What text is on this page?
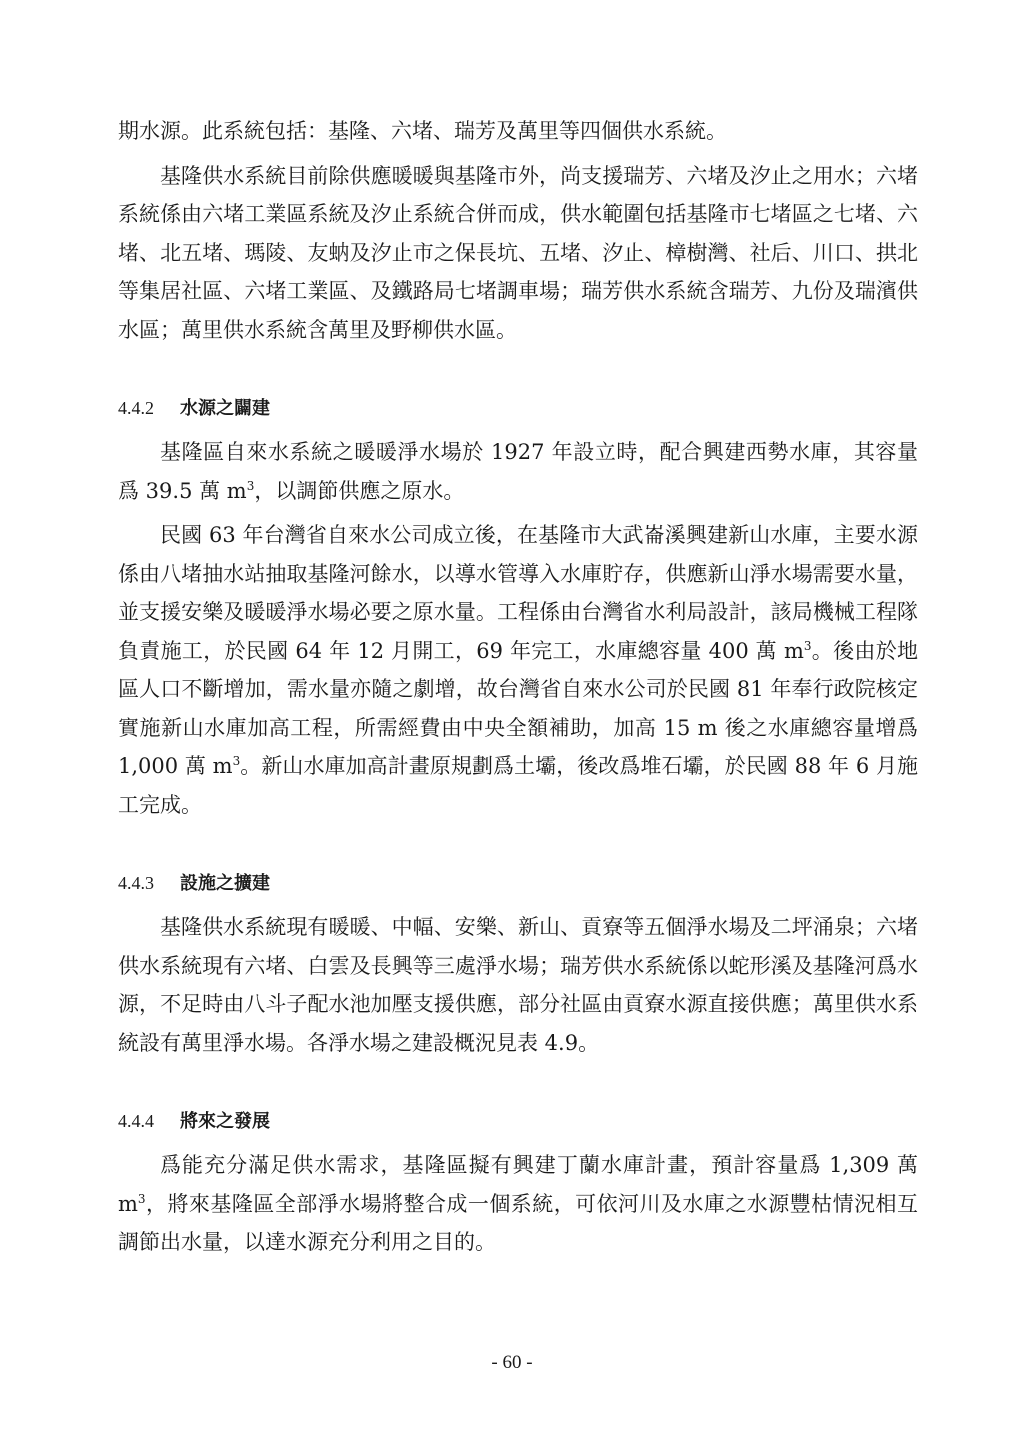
期水源。此系統包括：基隆、六堵、瑞芳及萬里等四個供水系統。

基隆供水系統目前除供應暖暖與基隆市外，尚支援瑞芳、六堵及汐止之用水；六堵系統係由六堵工業區系統及汐止系統合併而成，供水範圍包括基隆市七堵區之七堵、六堵、北五堵、瑪陵、友蚋及汐止市之保長坑、五堵、汐止、樟樹灣、社后、川口、拱北等集居社區、六堵工業區、及鐵路局七堵調車場；瑞芳供水系統含瑞芳、九份及瑞濱供水區；萬里供水系統含萬里及野柳供水區。

4.4.2 水源之闢建

基隆區自來水系統之暖暖淨水場於 1927 年設立時，配合興建西勢水庫，其容量爲 39.5 萬 $m^3$，以調節供應之原水。

民國 63 年台灣省自來水公司成立後，在基隆市大武崙溪興建新山水庫，主要水源係由八堵抽水站抽取基隆河餘水，以導水管導入水庫貯存，供應新山淨水場需要水量，並支援安樂及暖暖淨水場必要之原水量。工程係由台灣省水利局設計，該局機械工程隊負責施工，於民國 64 年 12 月開工，69 年完工，水庫總容量 400 萬 $m^3$。後由於地區人口不斷增加，需水量亦隨之劇增，故台灣省自來水公司於民國 81 年奉行政院核定實施新山水庫加高工程，所需經費由中央全額補助，加高 15 m 後之水庫總容量增爲 1,000 萬 $m^3$。新山水庫加高計畫原規劃爲土壩，後改爲堆石壩，於民國 88 年 6 月施工完成。

4.4.3 設施之擴建

基隆供水系統現有暖暖、中幅、安樂、新山、貢寮等五個淨水場及二坪涌泉；六堵供水系統現有六堵、白雲及長興等三處淨水場；瑞芳供水系統係以蛇形溪及基隆河爲水源，不足時由八斗子配水池加壓支援供應，部分社區由貢寮水源直接供應；萬里供水系統設有萬里淨水場。各淨水場之建設概況見表 4.9。

4.4.4 將來之發展

爲能充分滿足供水需求，基隆區擬有興建丁蘭水庫計畫，預計容量爲 1,309 萬 $m^3$，將來基隆區全部淨水場將整合成一個系統，可依河川及水庫之水源豐枯情況相互調節出水量，以達水源充分利用之目的。

- 60 -
